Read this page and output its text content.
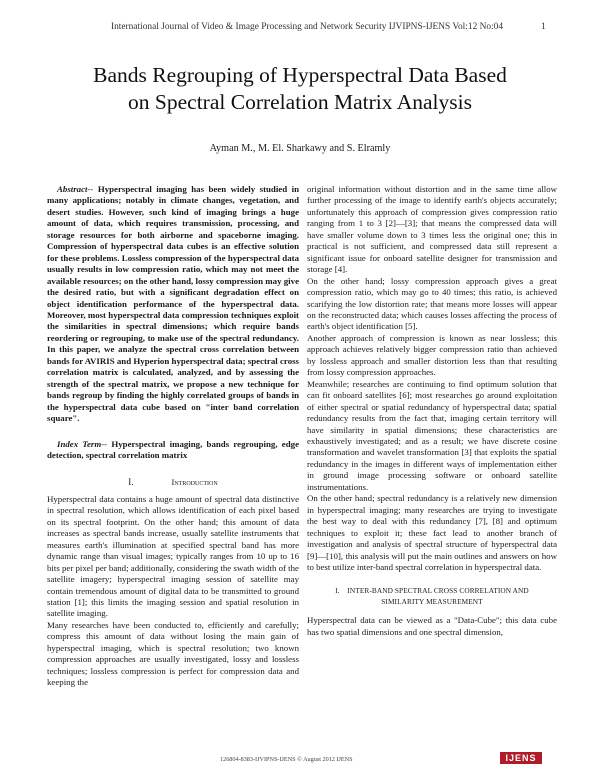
International Journal of Video & Image Processing and Network Security IJVIPNS-IJENS Vol:12 No:04	1
Bands Regrouping of Hyperspectral Data Based
on Spectral Correlation Matrix Analysis
Ayman M., M. El. Sharkawy and S. Elramly

Abstract-- Hyperspectral imaging has been widely studied in many applications; notably in climate changes, vegetation, and desert studies. However, such kind of imaging brings a huge amount of data, which requires transmission, processing, and storage resources for both airborne and spaceborne imaging. Compression of hyperspectral data cubes is an effective solution for these problems. Lossless compression of the hyperspectral data usually results in low compression ratio, which may not meet the available resources; on the other hand, lossy compression may give the desired ratio, but with a significant degradation effect on object identification performance of the hyperspectral data. Moreover, most hyperspectral data compression techniques exploit the similarities in spectral dimensions; which require bands reordering or regrouping, to make use of the spectral redundancy. In this paper, we analyze the spectral cross correlation between bands for AVIRIS and Hyperion hyperspectral data; spectral cross correlation matrix is calculated, analyzed, and by assessing the strength of the spectral matrix, we propose a new technique for bands regroup by finding the highly correlated groups of bands in the hyperspectral data cube based on "inter band correlation square".

Index Term-- Hyperspectral imaging, bands regrouping, edge detection, spectral correlation matrix

I.	Introduction

Hyperspectral data contains a huge amount of spectral data distinctive in spectral resolution, which allows identification of each pixel based on its spectral footprint. On the other hand; this amount of data increases as spectral bands increase, usually satellite instruments that measures earth's illumination at specified spectral band has more dynamic range than visual images; typically ranges from 10 up to 16 bits per pixel per band; additionally, considering the swath width of the satellite imagery; hyperspectral imaging session of satellite may contain tremendous amount of digital data to be transmitted to ground station [1]; this limits the imaging session and spatial resolution in satellite imaging.

Many researches have been conducted to, efficiently and carefully; compress this amount of data without losing the main gain of hyperspectral imaging, which is spectral resolution; two known compression approaches are usually investigated, lossy and lossless techniques; lossless compression is perfect for compression data and keeping the

original information without distortion and in the same time allow further processing of the image to identify earth's objects accurately; unfortunately this approach of compression gives compression ratio ranging from 1 to 3 [2]—[3]; that means the compressed data will have smaller volume down to 3 times less the original one; this in practical is not sufficient, and compressed data still represent a significant issue for onboard satellite designer for transmission and storage [4].

On the other hand; lossy compression approach gives a great compression ratio, which may go to 40 times; this ratio, is achieved scarifying the low distortion rate; that means more losses will appear on the reconstructed data; which causes losses affecting the process of earth's object identification [5].

Another approach of compression is known as near lossless; this approach achieves relatively bigger compression ratio than achieved by lossless approach and smaller distortion less than that resulting from lossy compression approaches.

Meanwhile; researches are continuing to find optimum solution that can fit onboard satellites [6]; most researches go around exploitation of either spectral or spatial redundancy of hyperspectral data; spatial redundancy results from the fact that, imaging certain territory will have similarity in spatial dimensions; these characteristics are exhaustively investigated; and as a result; we have discrete cosine transformation and wavelet transformation [3] that exploits the spatial redundancy in the images in different ways of implementation either in ground image processing software or onboard satellite instrumentations.

On the other hand; spectral redundancy is a relatively new dimension in hyperspectral imaging; many researches are trying to investigate the best way to deal with this redundancy [7], [8] and optimum techniques to exploit it; these fact lead to another branch of investigation and analysis of spectral structure of hyperspectral data [9]—[10], this analysis will put the main outlines and answers on how to best utilize inter-band spectral correlation in hyperspectral data.

I. INTER-BAND SPECTRAL CROSS CORRELATION AND
SIMILARITY MEASUREMENT

Hyperspectral data can be viewed as a "Data-Cube"; this data cube has two spatial dimensions and one spectral dimension,

126804-8383-IJVIPNS-IJENS © August 2012 IJENS	IJENS
